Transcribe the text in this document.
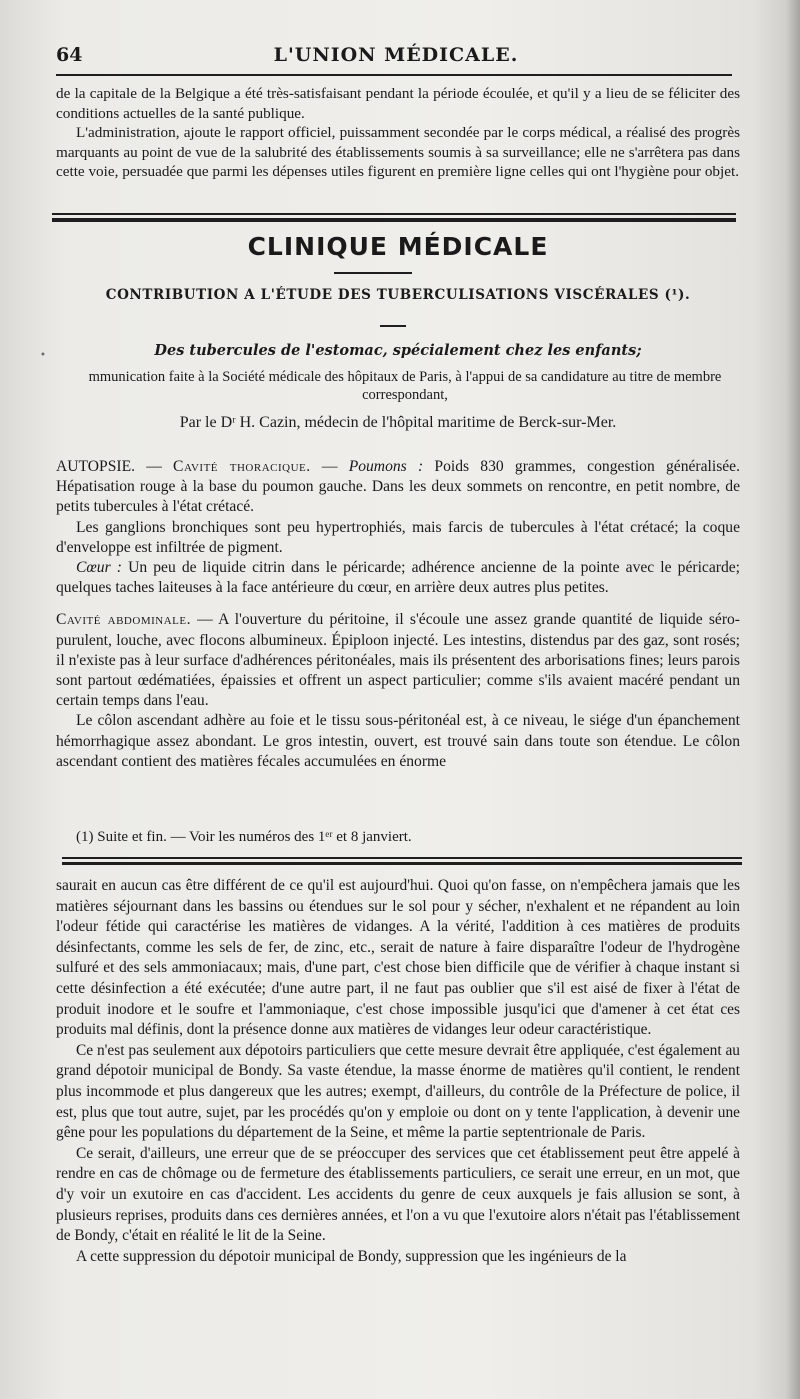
64	L'UNION MÉDICALE.

de la capitale de la Belgique a été très-satisfaisant pendant la période écoulée, et qu'il y a lieu de se féliciter des conditions actuelles de la santé publique.

L'administration, ajoute le rapport officiel, puissamment secondée par le corps médical, a réalisé des progrès marquants au point de vue de la salubrité des établissements soumis à sa surveillance; elle ne s'arrêtera pas dans cette voie, persuadée que parmi les dépenses utiles figurent en première ligne celles qui ont l'hygiène pour objet.

CLINIQUE MÉDICALE
CONTRIBUTION A L'ÉTUDE DES TUBERCULISATIONS VISCÉRALES (¹).
•	Des tubercules de l'estomac, spécialement chez les enfants;
mmunication faite à la Société médicale des hôpitaux de Paris, à l'appui de sa candidature au titre de membre correspondant,
Par le Dʳ H. Cazin, médecin de l'hôpital maritime de Berck-sur-Mer.

AUTOPSIE. — Cavité thoracique. — Poumons : Poids 830 grammes, congestion généralisée. Hépatisation rouge à la base du poumon gauche. Dans les deux sommets on rencontre, en petit nombre, de petits tubercules à l'état crétacé.

Les ganglions bronchiques sont peu hypertrophiés, mais farcis de tubercules à l'état crétacé; la coque d'enveloppe est infiltrée de pigment.

Cœur : Un peu de liquide citrin dans le péricarde; adhérence ancienne de la pointe avec le péricarde; quelques taches laiteuses à la face antérieure du cœur, en arrière deux autres plus petites.

Cavité abdominale. — A l'ouverture du péritoine, il s'écoule une assez grande quantité de liquide séro-purulent, louche, avec flocons albumineux. Épiploon injecté. Les intestins, distendus par des gaz, sont rosés; il n'existe pas à leur surface d'adhérences péritonéales, mais ils présentent des arborisations fines; leurs parois sont partout œdématiées, épaissies et offrent un aspect particulier; comme s'ils avaient macéré pendant un certain temps dans l'eau.

Le côlon ascendant adhère au foie et le tissu sous-péritonéal est, à ce niveau, le siége d'un épanchement hémorrhagique assez abondant. Le gros intestin, ouvert, est trouvé sain dans toute son étendue. Le côlon ascendant contient des matières fécales accumulées en énorme

(1) Suite et fin. — Voir les numéros des 1ᵉʳ et 8 janviert.

saurait en aucun cas être différent de ce qu'il est aujourd'hui. Quoi qu'on fasse, on n'empêchera jamais que les matières séjournant dans les bassins ou étendues sur le sol pour y sécher, n'exhalent et ne répandent au loin l'odeur fétide qui caractérise les matières de vidanges. A la vérité, l'addition à ces matières de produits désinfectants, comme les sels de fer, de zinc, etc., serait de nature à faire disparaître l'odeur de l'hydrogène sulfuré et des sels ammoniacaux; mais, d'une part, c'est chose bien difficile que de vérifier à chaque instant si cette désinfection a été exécutée; d'une autre part, il ne faut pas oublier que s'il est aisé de fixer à l'état de produit inodore et le soufre et l'ammoniaque, c'est chose impossible jusqu'ici que d'amener à cet état ces produits mal définis, dont la présence donne aux matières de vidanges leur odeur caractéristique.

Ce n'est pas seulement aux dépotoirs particuliers que cette mesure devrait être appliquée, c'est également au grand dépotoir municipal de Bondy. Sa vaste étendue, la masse énorme de matières qu'il contient, le rendent plus incommode et plus dangereux que les autres; exempt, d'ailleurs, du contrôle de la Préfecture de police, il est, plus que tout autre, sujet, par les procédés qu'on y emploie ou dont on y tente l'application, à devenir une gêne pour les populations du département de la Seine, et même la partie septentrionale de Paris.

Ce serait, d'ailleurs, une erreur que de se préoccuper des services que cet établissement peut être appelé à rendre en cas de chômage ou de fermeture des établissements particuliers, ce serait une erreur, en un mot, que d'y voir un exutoire en cas d'accident. Les accidents du genre de ceux auxquels je fais allusion se sont, à plusieurs reprises, produits dans ces dernières années, et l'on a vu que l'exutoire alors n'était pas l'établissement de Bondy, c'était en réalité le lit de la Seine.

A cette suppression du dépotoir municipal de Bondy, suppression que les ingénieurs de la
